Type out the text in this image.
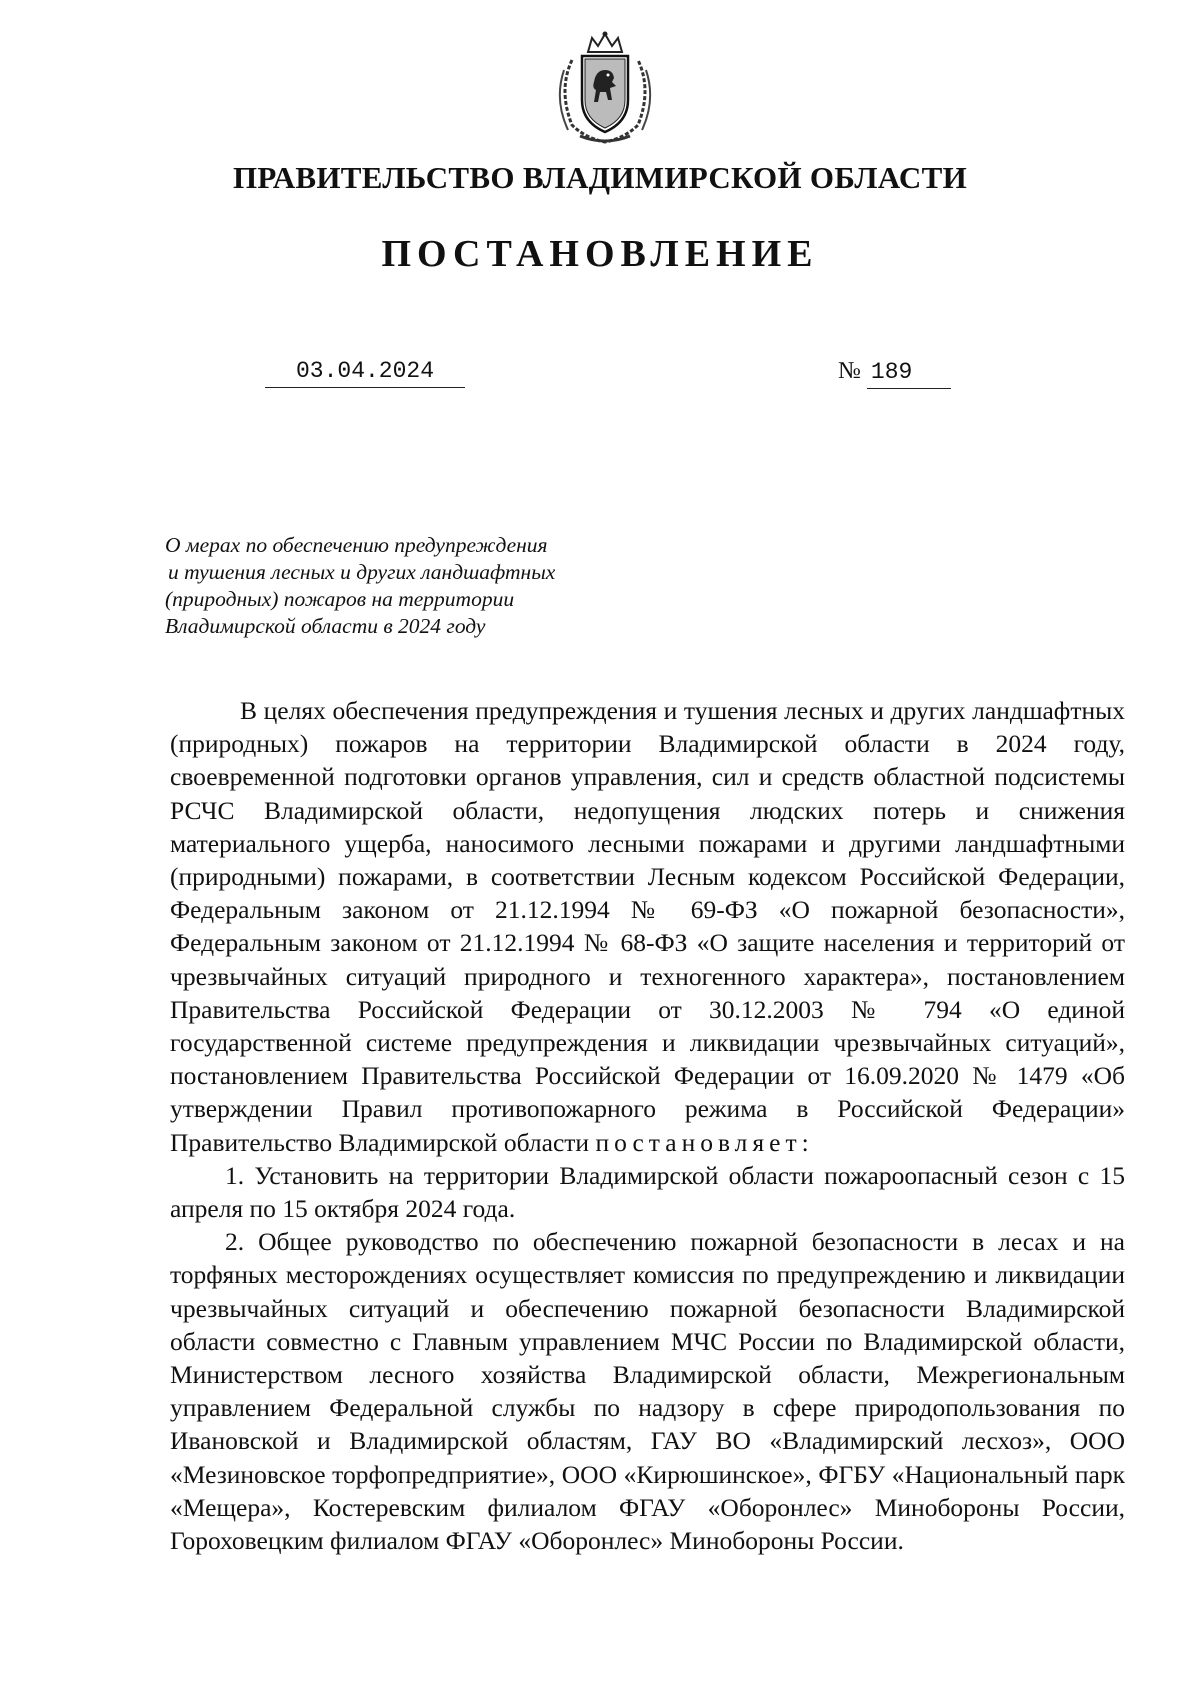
ПРАВИТЕЛЬСТВО ВЛАДИМИРСКОЙ ОБЛАСТИ
ПОСТАНОВЛЕНИЕ
03.04.2024	№ 189
О мерах по обеспечению предупреждения
и тушения лесных и других ландшафтных
(природных) пожаров на территории
Владимирской области в 2024 году

В целях обеспечения предупреждения и тушения лесных и других ландшафтных (природных) пожаров на территории Владимирской области в 2024 году, своевременной подготовки органов управления, сил и средств областной подсистемы РСЧС Владимирской области, недопущения людских потерь и снижения материального ущерба, наносимого лесными пожарами и другими ландшафтными (природными) пожарами, в соответствии Лесным кодексом Российской Федерации, Федеральным законом от 21.12.1994 № 69-ФЗ «О пожарной безопасности», Федеральным законом от 21.12.1994 № 68-ФЗ «О защите населения и территорий от чрезвычайных ситуаций природного и техногенного характера», постановлением Правительства Российской Федерации от 30.12.2003 № 794 «О единой государственной системе предупреждения и ликвидации чрезвычайных ситуаций», постановлением Правительства Российской Федерации от 16.09.2020 № 1479 «Об утверждении Правил противопожарного режима в Российской Федерации» Правительство Владимирской области постановляет:

1. Установить на территории Владимирской области пожароопасный сезон с 15 апреля по 15 октября 2024 года.

2. Общее руководство по обеспечению пожарной безопасности в лесах и на торфяных месторождениях осуществляет комиссия по предупреждению и ликвидации чрезвычайных ситуаций и обеспечению пожарной безопасности Владимирской области совместно с Главным управлением МЧС России по Владимирской области, Министерством лесного хозяйства Владимирской области, Межрегиональным управлением Федеральной службы по надзору в сфере природопользования по Ивановской и Владимирской областям, ГАУ ВО «Владимирский лесхоз», ООО «Мезиновское торфопредприятие», ООО «Кирюшинское», ФГБУ «Национальный парк «Мещера», Костеревским филиалом ФГАУ «Оборонлес» Минобороны России, Гороховецким филиалом ФГАУ «Оборонлес» Минобороны России.
